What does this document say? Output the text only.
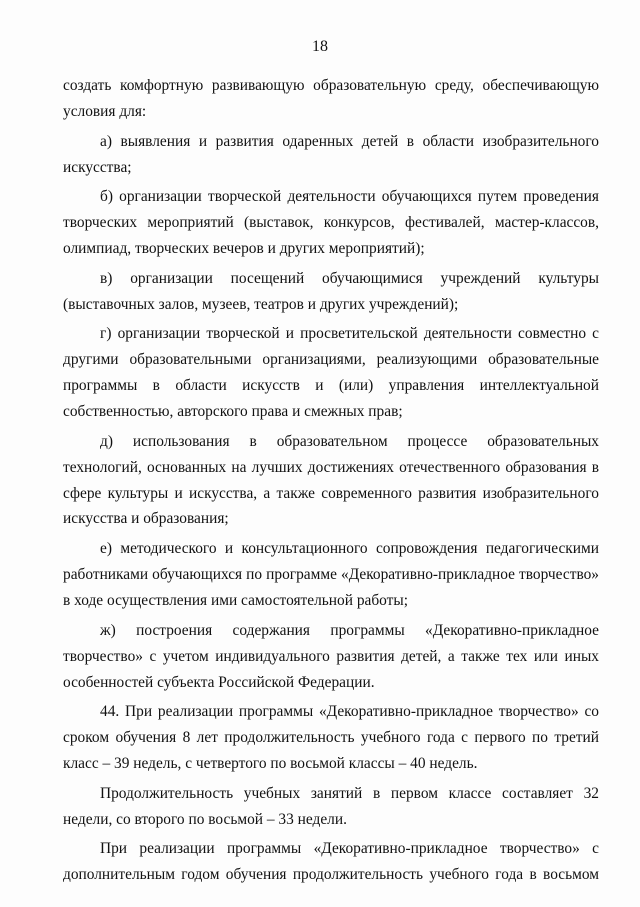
18

создать комфортную развивающую образовательную среду, обеспечивающую условия для:

а) выявления и развития одаренных детей в области изобразительного искусства;

б) организации творческой деятельности обучающихся путем проведения творческих мероприятий (выставок, конкурсов, фестивалей, мастер-классов, олимпиад, творческих вечеров и других мероприятий);

в) организации посещений обучающимися учреждений культуры (выставочных залов, музеев, театров и других учреждений);

г) организации творческой и просветительской деятельности совместно с другими образовательными организациями, реализующими образовательные программы в области искусств и (или) управления интеллектуальной собственностью, авторского права и смежных прав;

д) использования в образовательном процессе образовательных технологий, основанных на лучших достижениях отечественного образования в сфере культуры и искусства, а также современного развития изобразительного искусства и образования;

е) методического и консультационного сопровождения педагогическими работниками обучающихся по программе «Декоративно-прикладное творчество» в ходе осуществления ими самостоятельной работы;

ж) построения содержания программы «Декоративно-прикладное творчество» с учетом индивидуального развития детей, а также тех или иных особенностей субъекта Российской Федерации.

44. При реализации программы «Декоративно-прикладное творчество» со сроком обучения 8 лет продолжительность учебного года с первого по третий класс – 39 недель, с четвертого по восьмой классы – 40 недель.

Продолжительность учебных занятий в первом классе составляет 32 недели, со второго по восьмой – 33 недели.

При реализации программы «Декоративно-прикладное творчество» с дополнительным годом обучения продолжительность учебного года в восьмом
